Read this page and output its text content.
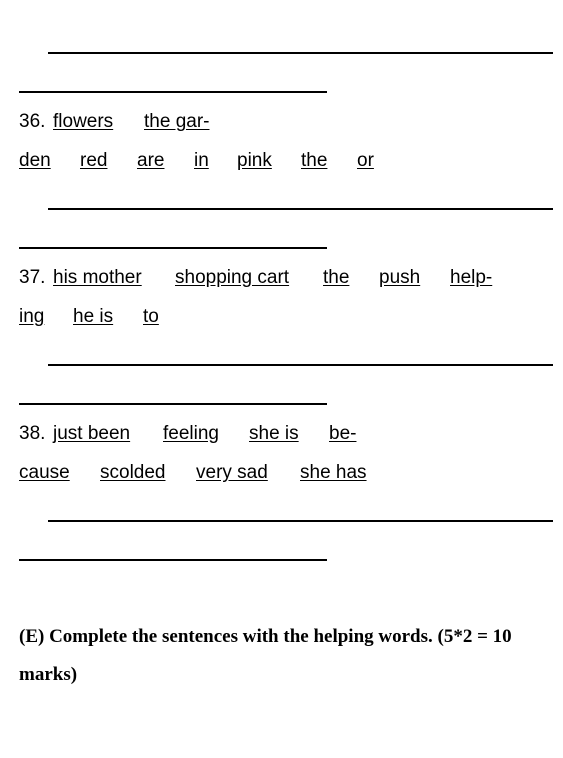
36. flowers the gar-
den red are in pink the or
37. his mother shopping cart the push help-
ing he is to
38. just been feeling she is be-
cause scolded very sad she has
(E) Complete the sentences with the helping words. (5*2 = 10 marks)
